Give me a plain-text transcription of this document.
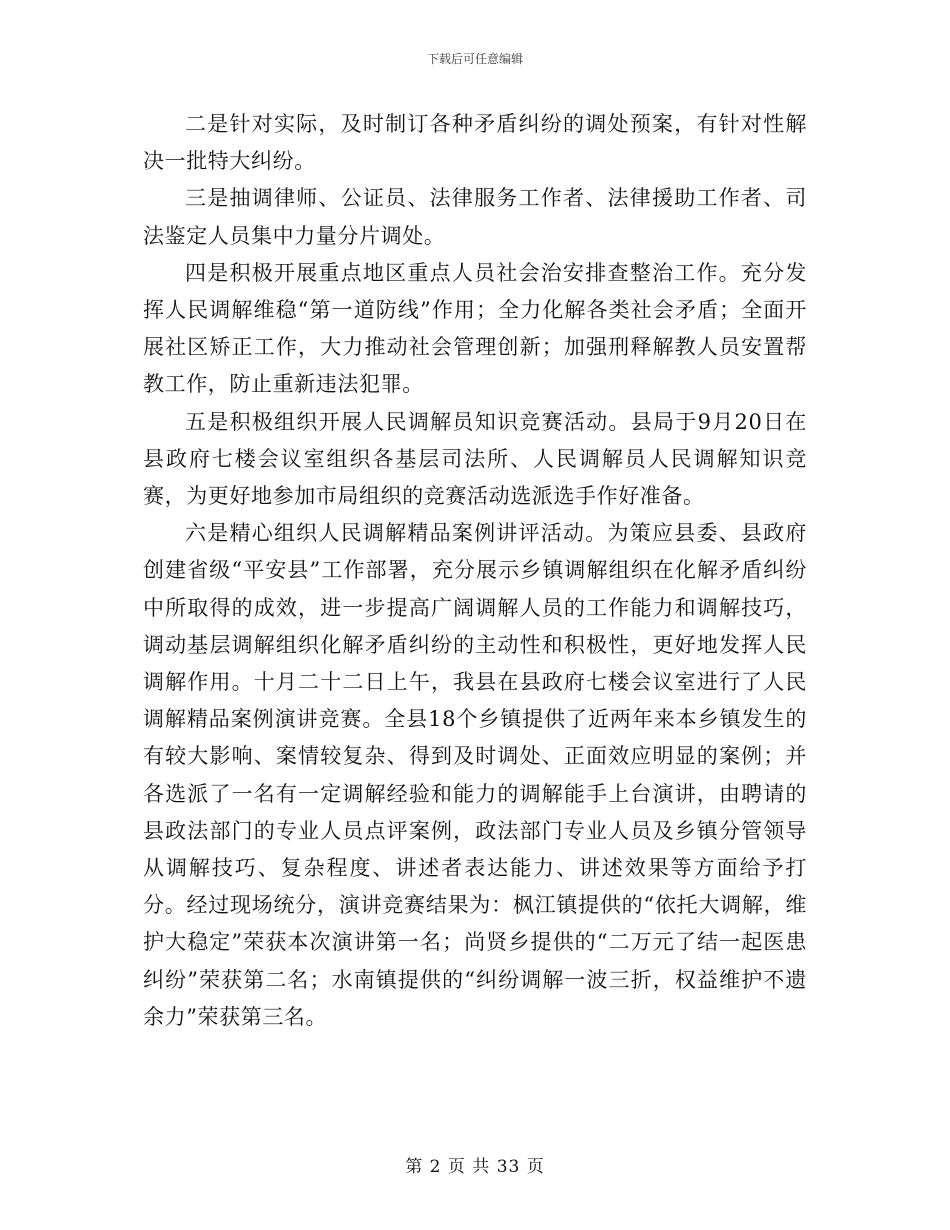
下载后可任意编辑

二是针对实际，及时制订各种矛盾纠纷的调处预案，有针对性解决一批特大纠纷。

三是抽调律师、公证员、法律服务工作者、法律援助工作者、司法鉴定人员集中力量分片调处。

四是积极开展重点地区重点人员社会治安排查整治工作。充分发挥人民调解维稳“第一道防线”作用；全力化解各类社会矛盾；全面开展社区矫正工作，大力推动社会管理创新；加强刑释解教人员安置帮教工作，防止重新违法犯罪。

五是积极组织开展人民调解员知识竞赛活动。县局于9月20日在县政府七楼会议室组织各基层司法所、人民调解员人民调解知识竞赛，为更好地参加市局组织的竞赛活动选派选手作好准备。

六是精心组织人民调解精品案例讲评活动。为策应县委、县政府创建省级“平安县”工作部署，充分展示乡镇调解组织在化解矛盾纠纷中所取得的成效，进一步提高广阔调解人员的工作能力和调解技巧，调动基层调解组织化解矛盾纠纷的主动性和积极性，更好地发挥人民调解作用。十月二十二日上午，我县在县政府七楼会议室进行了人民调解精品案例演讲竞赛。全县18个乡镇提供了近两年来本乡镇发生的有较大影响、案情较复杂、得到及时调处、正面效应明显的案例；并各选派了一名有一定调解经验和能力的调解能手上台演讲，由聘请的县政法部门的专业人员点评案例，政法部门专业人员及乡镇分管领导从调解技巧、复杂程度、讲述者表达能力、讲述效果等方面给予打分。经过现场统分，演讲竞赛结果为：枫江镇提供的“依托大调解，维护大稳定”荣获本次演讲第一名；尚贤乡提供的“二万元了结一起医患纠纷”荣获第二名；水南镇提供的“纠纷调解一波三折，权益维护不遗余力”荣获第三名。

第 2 页 共 33 页
